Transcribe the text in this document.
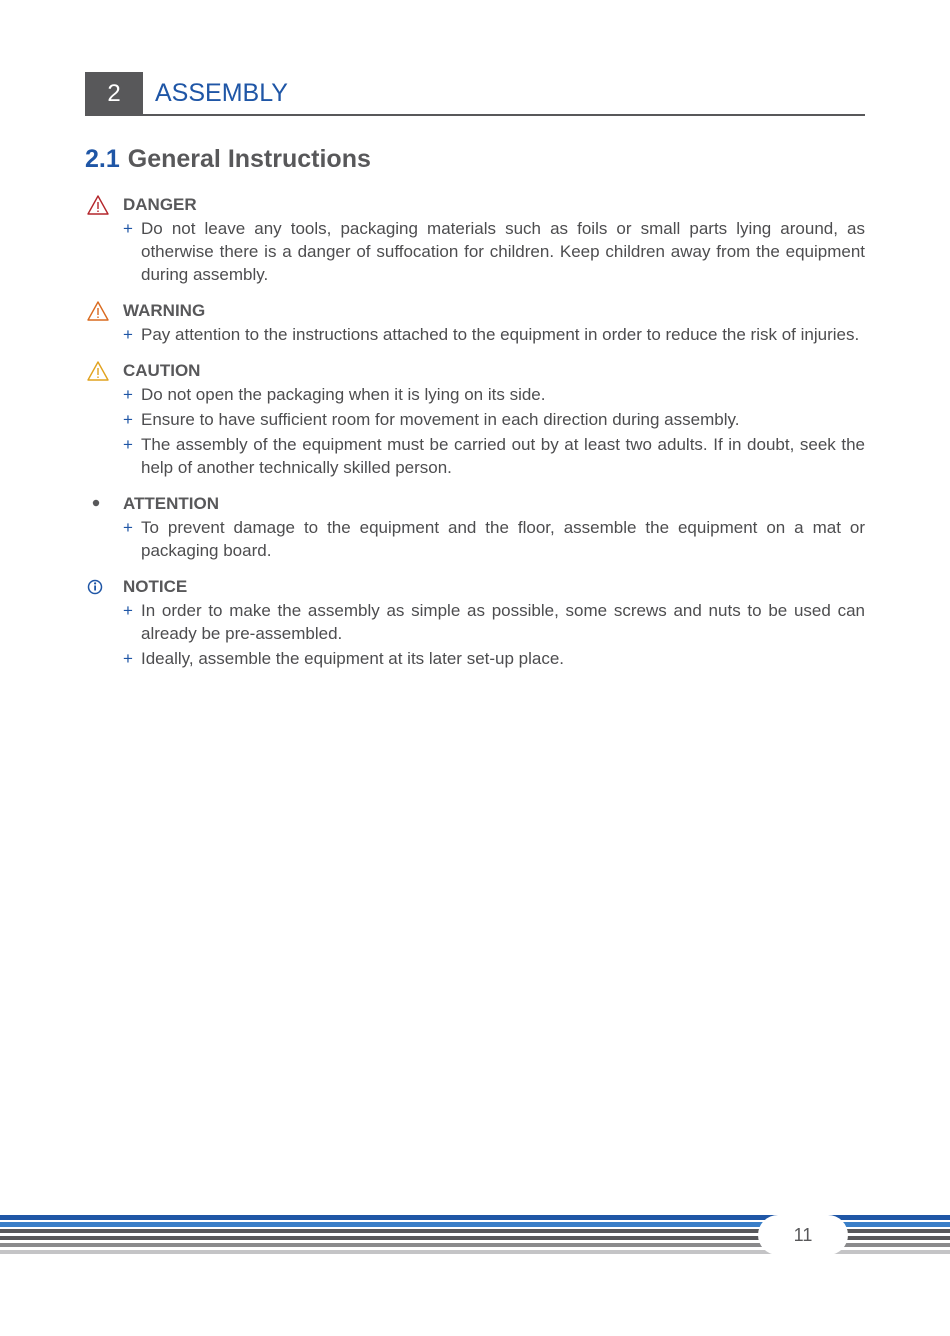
2	ASSEMBLY
2.1 General Instructions
DANGER
+ Do not leave any tools, packaging materials such as foils or small parts lying around, as otherwise there is a danger of suffocation for children. Keep children away from the equipment during assembly.
WARNING
+ Pay attention to the instructions attached to the equipment in order to reduce the risk of injuries.
CAUTION
+ Do not open the packaging when it is lying on its side.
+ Ensure to have sufficient room for movement in each direction during assembly.
+ The assembly of the equipment must be carried out by at least two adults. If in doubt, seek the help of another technically skilled person.
ATTENTION
+ To prevent damage to the equipment and the floor, assemble the equipment on a mat or packaging board.
NOTICE
+ In order to make the assembly as simple as possible, some screws and nuts to be used can already be pre-assembled.
+ Ideally, assemble the equipment at its later set-up place.
11
